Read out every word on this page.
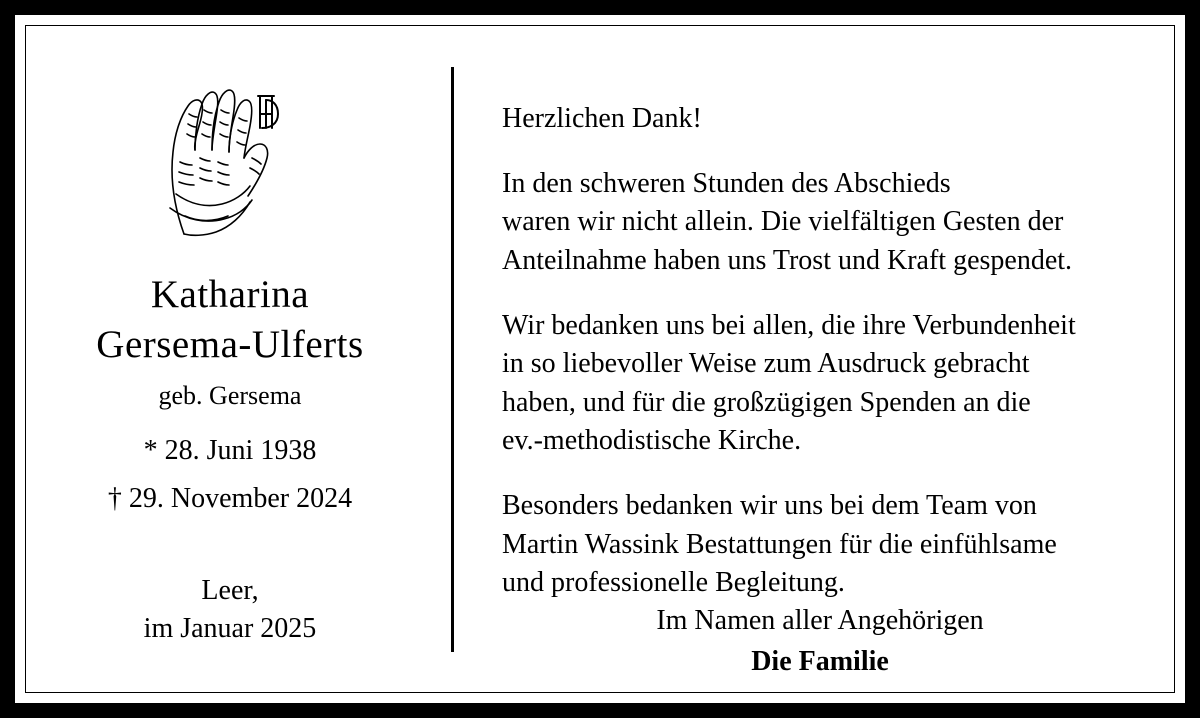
Katharina
Gersema-Ulferts
geb. Gersema
* 28. Juni 1938
† 29. November 2024
Leer,
im Januar 2025

Herzlichen Dank!

In den schweren Stunden des Abschieds
waren wir nicht allein. Die vielfältigen Gesten der
Anteilnahme haben uns Trost und Kraft gespendet.

Wir bedanken uns bei allen, die ihre Verbundenheit
in so liebevoller Weise zum Ausdruck gebracht
haben, und für die großzügigen Spenden an die
ev.-methodistische Kirche.

Besonders bedanken wir uns bei dem Team von
Martin Wassink Bestattungen für die einfühlsame
und professionelle Begleitung.

Im Namen aller Angehörigen
Die Familie
